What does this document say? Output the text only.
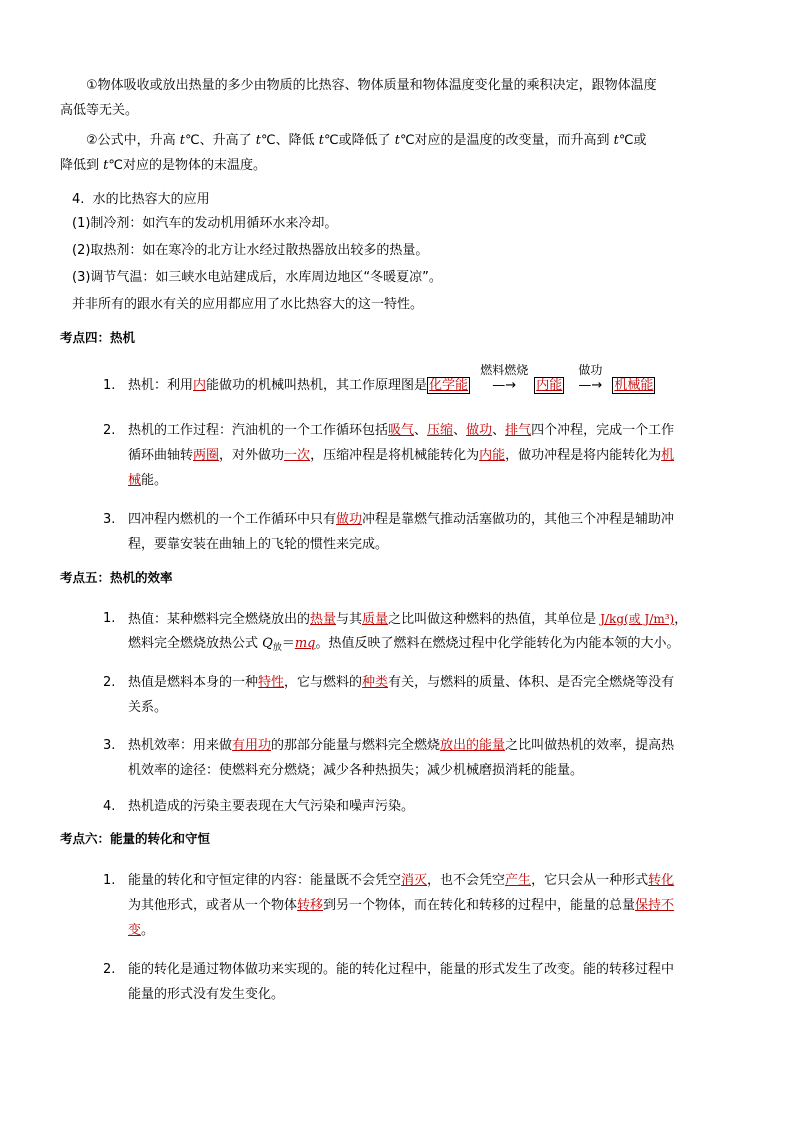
①物体吸收或放出热量的多少由物质的比热容、物体质量和物体温度变化量的乘积决定，跟物体温度
高低等无关。
②公式中，升高 t℃、升高了 t℃、降低 t℃或降低了 t℃对应的是温度的改变量，而升高到 t℃或
降低到 t℃对应的是物体的末温度。
4.  水的比热容大的应用
(1)制冷剂：如汽车的发动机用循环水来冷却。
(2)取热剂：如在寒冷的北方让水经过散热器放出较多的热量。
(3)调节气温：如三峡水电站建成后，水库周边地区“冬暖夏凉”。
并非所有的跟水有关的应用都应用了水比热容大的这一特性。
考点四：热机
1. 热机：利用内能做功的机械叫热机，其工作原理图是 化学能
燃料燃烧
—→ 内能
做功
—→ 机械能
2. 热机的工作过程：汽油机的一个工作循环包括吸气、压缩、做功、排气四个冲程，完成一个工作
循环曲轴转两圈，对外做功一次，压缩冲程是将机械能转化为内能，做功冲程是将内能转化为机
械能。
3. 四冲程内燃机的一个工作循环中只有做功冲程是靠燃气推动活塞做功的，其他三个冲程是辅助冲
程，要靠安装在曲轴上的飞轮的惯性来完成。
考点五：热机的效率
1. 热值：某种燃料完全燃烧放出的热量与其质量之比叫做这种燃料的热值，其单位是 J/kg(或 J/m³)，
燃料完全燃烧放热公式 $Q_放=mq$。热值反映了燃料在燃烧过程中化学能转化为内能本领的大小。
2. 热值是燃料本身的一种特性，它与燃料的种类有关，与燃料的质量、体积、是否完全燃烧等没有
关系。
3. 热机效率：用来做有用功的那部分能量与燃料完全燃烧放出的能量之比叫做热机的效率，提高热
机效率的途径：使燃料充分燃烧；减少各种热损失；减少机械磨损消耗的能量。
4. 热机造成的污染主要表现在大气污染和噪声污染。
考点六：能量的转化和守恒
1. 能量的转化和守恒定律的内容：能量既不会凭空消灭，也不会凭空产生，它只会从一种形式转化
为其他形式，或者从一个物体转移到另一个物体，而在转化和转移的过程中，能量的总量保持不
变。
2. 能的转化是通过物体做功来实现的。能的转化过程中，能量的形式发生了改变。能的转移过程中
能量的形式没有发生变化。
